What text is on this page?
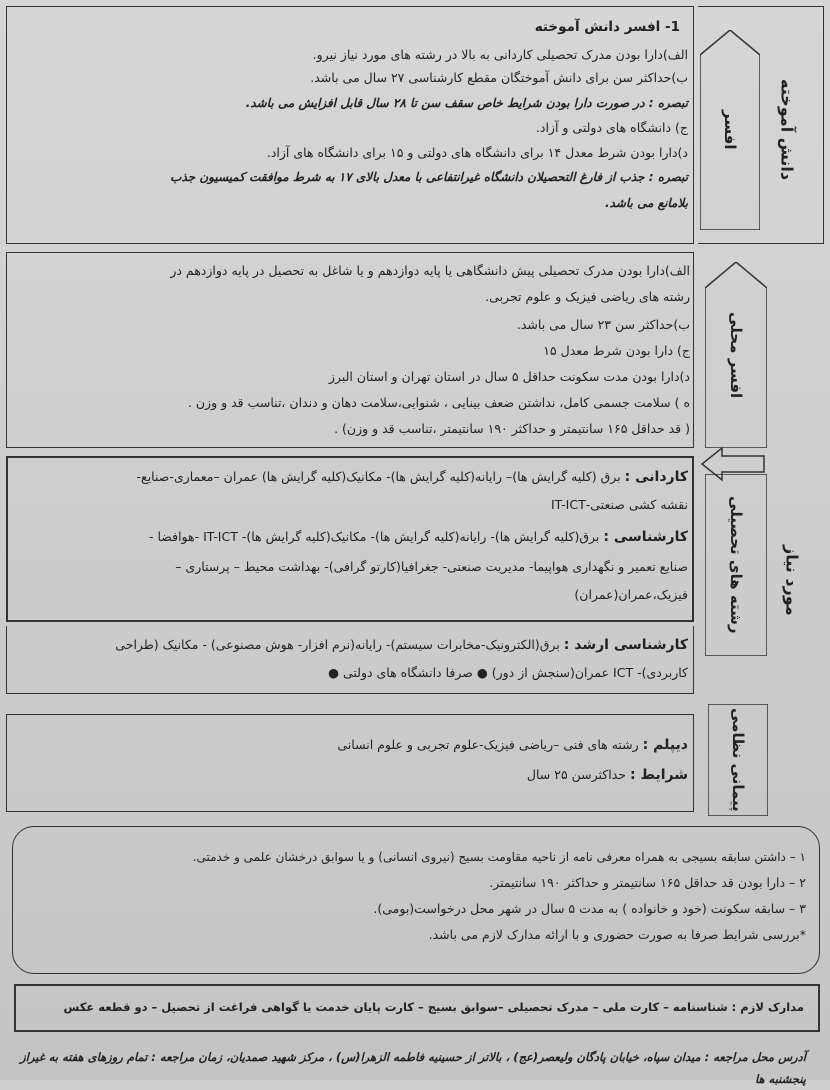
1- افسر دانش آموخته
الف)دارا بودن مدرک تحصیلی کاردانی به بالا در رشته های مورد نیاز نیرو.
ب)حداکثر سن برای دانش آموختگان مقطع کارشناسی ۲۷ سال می باشد.
تبصره : در صورت دارا بودن شرایط خاص سقف سن تا ۲۸ سال قابل افزایش می باشد.
ج) دانشگاه های دولتی و آزاد.
د)دارا بودن شرط معدل ۱۴ برای دانشگاه های دولتی و ۱۵ برای دانشگاه های آزاد.
تبصره : جذب از فارغ التحصیلان دانشگاه غیرانتفاعی با معدل بالای ۱۷ به شرط موافقت کمیسیون جذب
بلامانع می باشد.
افسر	دانش آموخته
الف)دارا بودن مدرک تحصیلی پیش دانشگاهی یا پایه دوازدهم و یا شاغل به تحصیل در پایه دوازدهم در
رشته های ریاضی فیزیک و علوم تجربی.
ب)حداکثر سن ۲۳ سال می باشد.
ج) دارا بودن شرط معدل ۱۵
د)دارا بودن مدت سکونت حداقل ۵ سال در استان تهران و استان البرز
ه ) سلامت جسمی کامل، نداشتن ضعف بینایی ، شنوایی،سلامت دهان و دندان ،تناسب قد و وزن .
( قد حداقل ۱۶۵ سانتیمتر و حداکثر ۱۹۰ سانتیمتر ،تناسب قد و وزن) .
افسر محلی
کاردانی : برق (کلیه گرایش ها)– رایانه(کلیه گرایش ها)- مکانیک(کلیه گرایش ها) عمران –معماری-صنایع-
نقشه کشی صنعتی-IT-ICT
کارشناسی : برق(کلیه گرایش ها)- رایانه(کلیه گرایش ها)- مکانیک(کلیه گرایش ها)- IT-ICT -هوافضا -
صنایع تعمیر و نگهداری هواپیما- مدیریت صنعتی- جغرافیا(کارتو گرافی)- بهداشت محیط – پرستاری –
فیزیک،عمران(عمران)
کارشناسی ارشد : برق(الکترونیک-مخابرات سیستم)- رایانه(نرم افزار- هوش مصنوعی) - مکانیک (طراحی
کاربردی)- ICT عمران(سنجش از دور) ● صرفا دانشگاه های دولتی ●
رشته های تحصیلی	مورد نیاز
دیپلم : رشته های فنی –ریاضی فیزیک-علوم تجربی و علوم انسانی
شرایط : حداکثرسن ۲۵ سال	پیمانی نظامی
۱ – داشتن سابقه بسیجی به همراه معرفی نامه از ناحیه مقاومت بسیج (نیروی انسانی) و یا سوابق درخشان علمی و خدمتی.
۲ – دارا بودن قد حداقل ۱۶۵ سانتیمتر و حداکثر ۱۹۰ سانتیمتر.
۳ – سابقه سکونت (خود و خانواده ) به مدت ۵ سال در شهر محل درخواست(بومی).
*بررسی شرایط صرفا به صورت حضوری و با ارائه مدارک لازم می باشد.
مدارک لازم : شناسنامه – کارت ملی – مدرک تحصیلی –سوابق بسیج – کارت پایان خدمت یا گواهی فراغت از تحصیل – دو قطعه عکس
آدرس محل مراجعه : میدان سپاه، خیابان پادگان ولیعصر(عج) ، بالاتر از حسینیه فاطمه الزهرا(س) ، مرکز شهید صمدیان، زمان مراجعه : تمام روزهای هفته به غیراز پنجشنبه ها
